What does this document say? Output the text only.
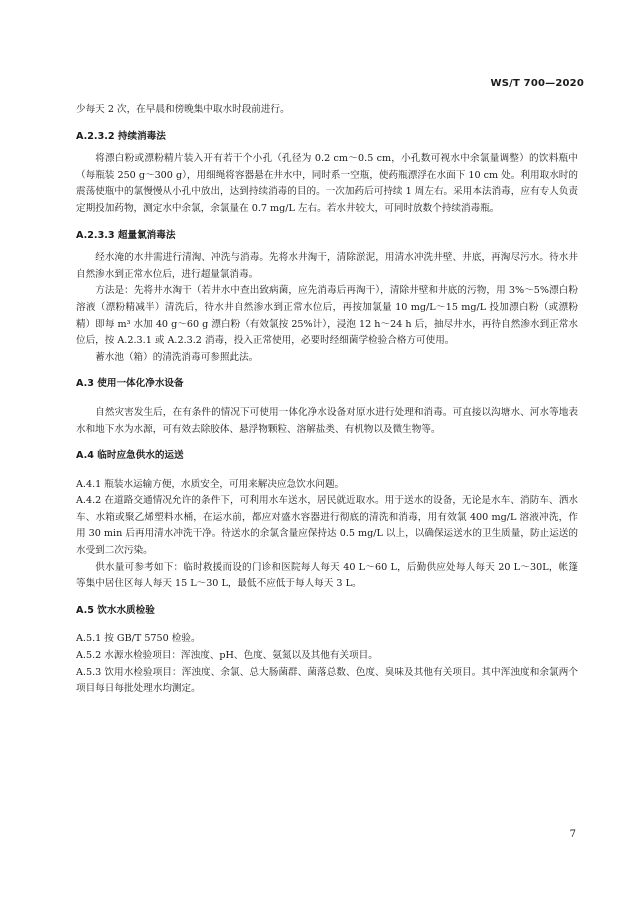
WS/T 700—2020

少每天 2 次，在早晨和傍晚集中取水时段前进行。

A.2.3.2 持续消毒法

将漂白粉或漂粉精片装入开有若干个小孔（孔径为 0.2 cm～0.5 cm，小孔数可视水中余氯量调整）的饮料瓶中（每瓶装 250 g～300 g），用细绳将容器悬在井水中，同时系一空瓶，使药瓶漂浮在水面下 10 cm 处。利用取水时的震荡使瓶中的氯慢慢从小孔中放出，达到持续消毒的目的。一次加药后可持续 1 周左右。采用本法消毒，应有专人负责定期投加药物，测定水中余氯，余氯量在 0.7 mg/L 左右。若水井较大，可同时放数个持续消毒瓶。

A.2.3.3 超量氯消毒法

经水淹的水井需进行清淘、冲洗与消毒。先将水井淘干，清除淤泥，用清水冲洗井壁、井底，再淘尽污水。待水井自然渗水到正常水位后，进行超量氯消毒。

方法是：先将井水淘干（若井水中查出致病菌，应先消毒后再淘干），清除井壁和井底的污物，用 3%～5%漂白粉溶液（漂粉精减半）清洗后，待水井自然渗水到正常水位后，再按加氯量 10 mg/L～15 mg/L 投加漂白粉（或漂粉精）即每 m³ 水加 40 g～60 g 漂白粉（有效氯按 25%计），浸泡 12 h～24 h 后，抽尽井水，再待自然渗水到正常水位后，按 A.2.3.1 或 A.2.3.2 消毒，投入正常使用，必要时经细菌学检验合格方可使用。

蓄水池（箱）的清洗消毒可参照此法。

A.3 使用一体化净水设备

自然灾害发生后，在有条件的情况下可使用一体化净水设备对原水进行处理和消毒。可直接以沟塘水、河水等地表水和地下水为水源，可有效去除胶体、悬浮物颗粒、溶解盐类、有机物以及微生物等。

A.4 临时应急供水的运送

A.4.1 瓶装水运输方便，水质安全，可用来解决应急饮水问题。

A.4.2 在道路交通情况允许的条件下，可利用水车送水，居民就近取水。用于送水的设备，无论是水车、消防车、洒水车、水箱或聚乙烯塑料水桶，在运水前，都应对盛水容器进行彻底的清洗和消毒，用有效氯 400 mg/L 溶液冲洗，作用 30 min 后再用清水冲洗干净。待送水的余氯含量应保持达 0.5 mg/L 以上，以确保运送水的卫生质量，防止运送的水受到二次污染。

供水量可参考如下：临时救援而设的门诊和医院每人每天 40 L～60 L，后勤供应处每人每天 20 L～30L，帐篷等集中居住区每人每天 15 L～30 L，最低不应低于每人每天 3 L。

A.5 饮水水质检验

A.5.1 按 GB/T 5750 检验。

A.5.2 水源水检验项目：浑浊度、pH、色度、氨氮以及其他有关项目。

A.5.3 饮用水检验项目：浑浊度、余氯、总大肠菌群、菌落总数、色度、臭味及其他有关项目。其中浑浊度和余氯两个项目每日每批处理水均测定。

7
